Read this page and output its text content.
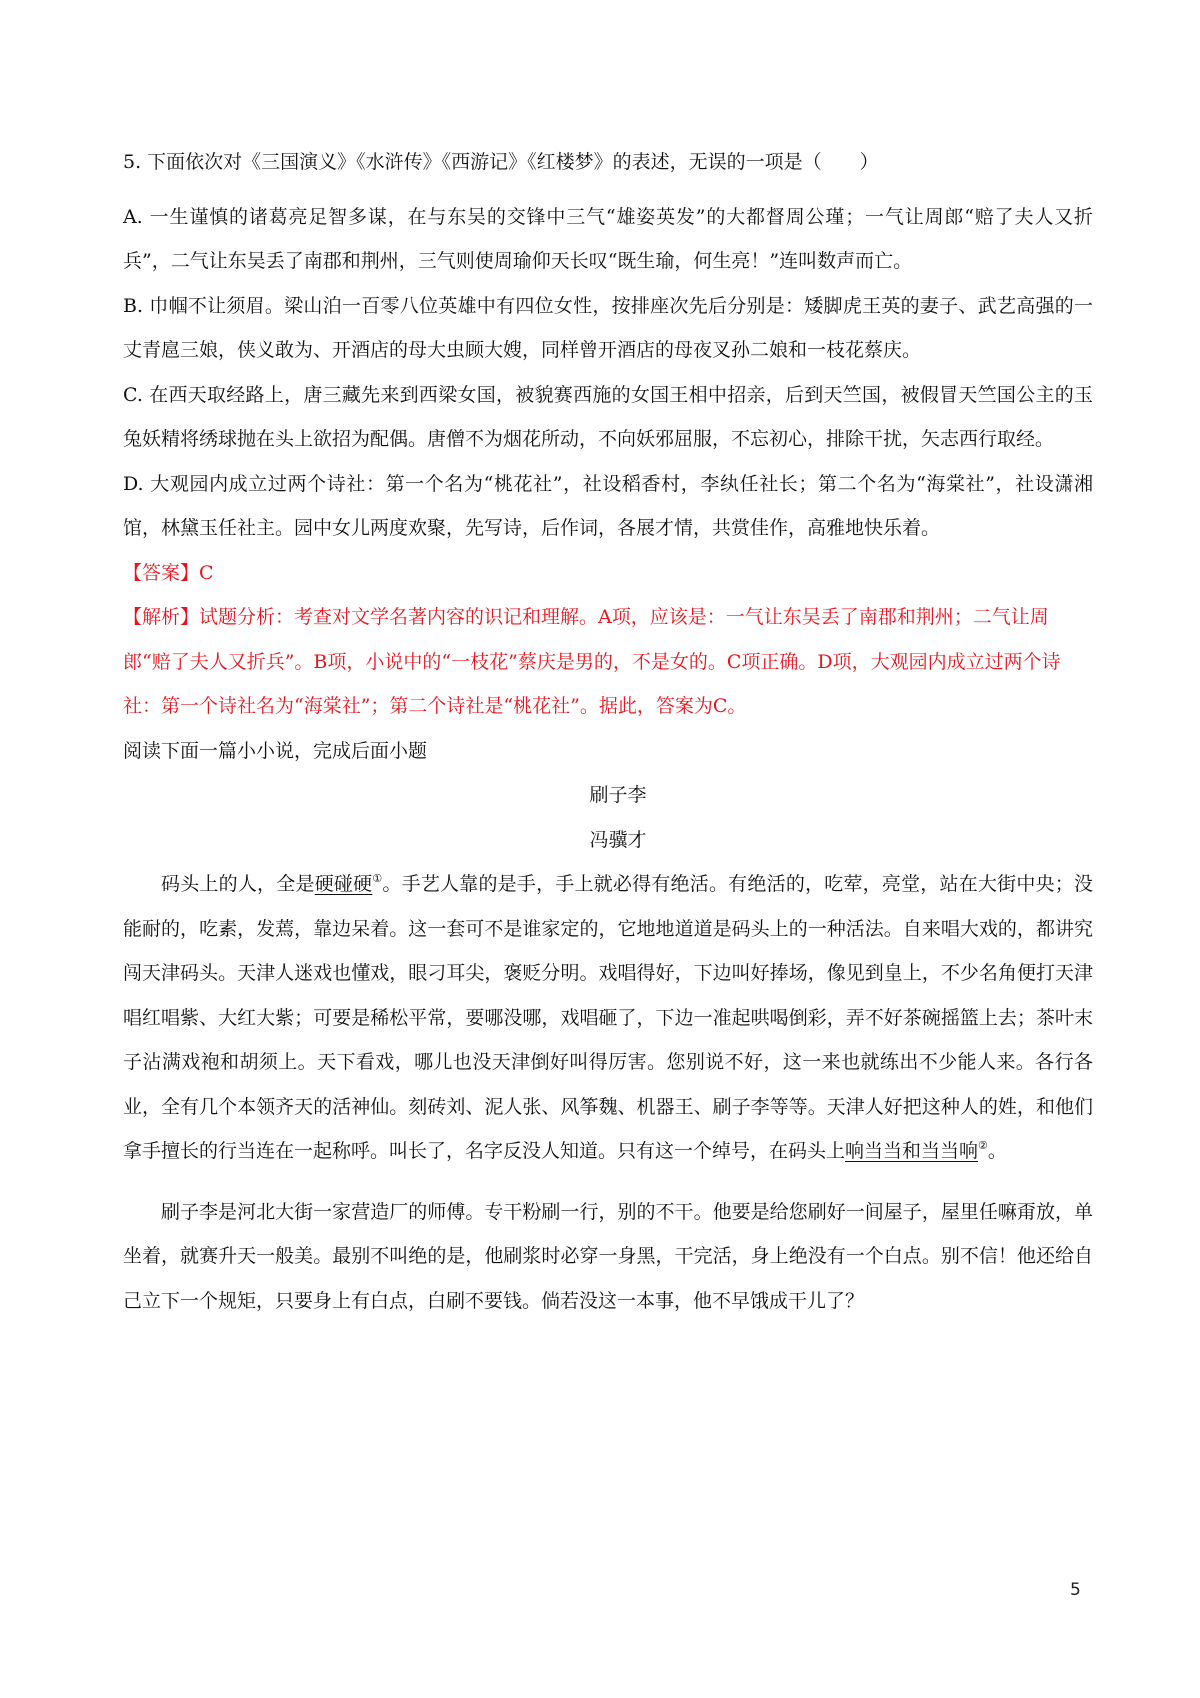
5. 下面依次对《三国演义》《水浒传》《西游记》《红楼梦》的表述，无误的一项是（　　）

A. 一生谨慎的诸葛亮足智多谋，在与东吴的交锋中三气“雄姿英发”的大都督周公瑾；一气让周郎“赔了夫人又折兵”，二气让东吴丢了南郡和荆州，三气则使周瑜仰天长叹“既生瑜，何生亮！”连叫数声而亡。

B. 巾帼不让须眉。梁山泊一百零八位英雄中有四位女性，按排座次先后分别是：矮脚虎王英的妻子、武艺高强的一丈青扈三娘，侠义敢为、开酒店的母大虫顾大嫂，同样曾开酒店的母夜叉孙二娘和一枝花蔡庆。

C. 在西天取经路上，唐三藏先来到西梁女国，被貌赛西施的女国王相中招亲，后到天竺国，被假冒天竺国公主的玉兔妖精将绣球抛在头上欲招为配偶。唐僧不为烟花所动，不向妖邪屈服，不忘初心，排除干扰，矢志西行取经。

D. 大观园内成立过两个诗社：第一个名为“桃花社”，社设稻香村，李纨任社长；第二个名为“海棠社”，社设潇湘馆，林黛玉任社主。园中女儿两度欢聚，先写诗，后作词，各展才情，共赏佳作，高雅地快乐着。

【答案】C

【解析】试题分析：考查对文学名著内容的识记和理解。A项，应该是：一气让东吴丢了南郡和荆州；二气让周郎“赔了夫人又折兵”。B项，小说中的“一枝花”蔡庆是男的，不是女的。C项正确。D项，大观园内成立过两个诗社：第一个诗社名为“海棠社”；第二个诗社是“桃花社”。据此，答案为C。

阅读下面一篇小小说，完成后面小题

刷子李

冯骥才

码头上的人，全是硬碰硬①。手艺人靠的是手，手上就必得有绝活。有绝活的，吃荤，亮堂，站在大街中央；没能耐的，吃素，发蔫，靠边呆着。这一套可不是谁家定的，它地地道道是码头上的一种活法。自来唱大戏的，都讲究闯天津码头。天津人迷戏也懂戏，眼刁耳尖，褒贬分明。戏唱得好，下边叫好捧场，像见到皇上，不少名角便打天津唱红唱紫、大红大紫；可要是稀松平常，要哪没哪，戏唱砸了，下边一准起哄喝倒彩，弄不好茶碗摇篮上去；茶叶末子沾满戏袍和胡须上。天下看戏，哪儿也没天津倒好叫得厉害。您别说不好，这一来也就练出不少能人来。各行各业，全有几个本领齐天的活神仙。刻砖刘、泥人张、风筝魏、机器王、刷子李等等。天津人好把这种人的姓，和他们拿手擅长的行当连在一起称呼。叫长了，名字反没人知道。只有这一个绰号，在码头上响当当和当当响②。

刷子李是河北大街一家营造厂的师傅。专干粉刷一行，别的不干。他要是给您刷好一间屋子，屋里任嘛甭放，单坐着，就赛升天一般美。最别不叫绝的是，他刷浆时必穿一身黑，干完活，身上绝没有一个白点。别不信！他还给自己立下一个规矩，只要身上有白点，白刷不要钱。倘若没这一本事，他不早饿成干儿了？

5
